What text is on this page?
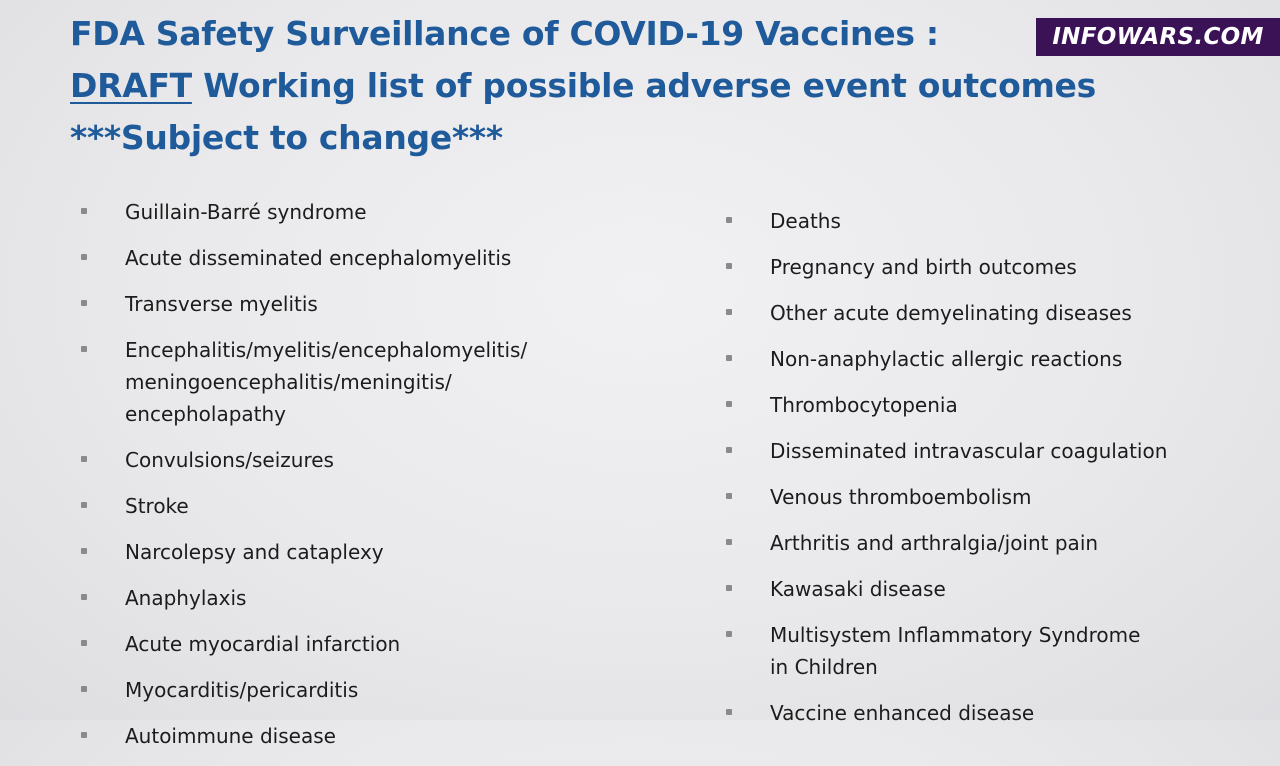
FDA Safety Surveillance of COVID-19 Vaccines :
DRAFT Working list of possible adverse event outcomes
***Subject to change***
Guillain-Barré syndrome
Acute disseminated encephalomyelitis
Transverse myelitis
Encephalitis/myelitis/encephalomyelitis/
meningoencephalitis/meningitis/
encepholapathy
Convulsions/seizures
Stroke
Narcolepsy and cataplexy
Anaphylaxis
Acute myocardial infarction
Myocarditis/pericarditis
Autoimmune disease
Deaths
Pregnancy and birth outcomes
Other acute demyelinating diseases
Non-anaphylactic allergic reactions
Thrombocytopenia
Disseminated intravascular coagulation
Venous thromboembolism
Arthritis and arthralgia/joint pain
Kawasaki disease
Multisystem Inflammatory Syndrome
in Children
Vaccine enhanced disease
INFOWARS.COM
